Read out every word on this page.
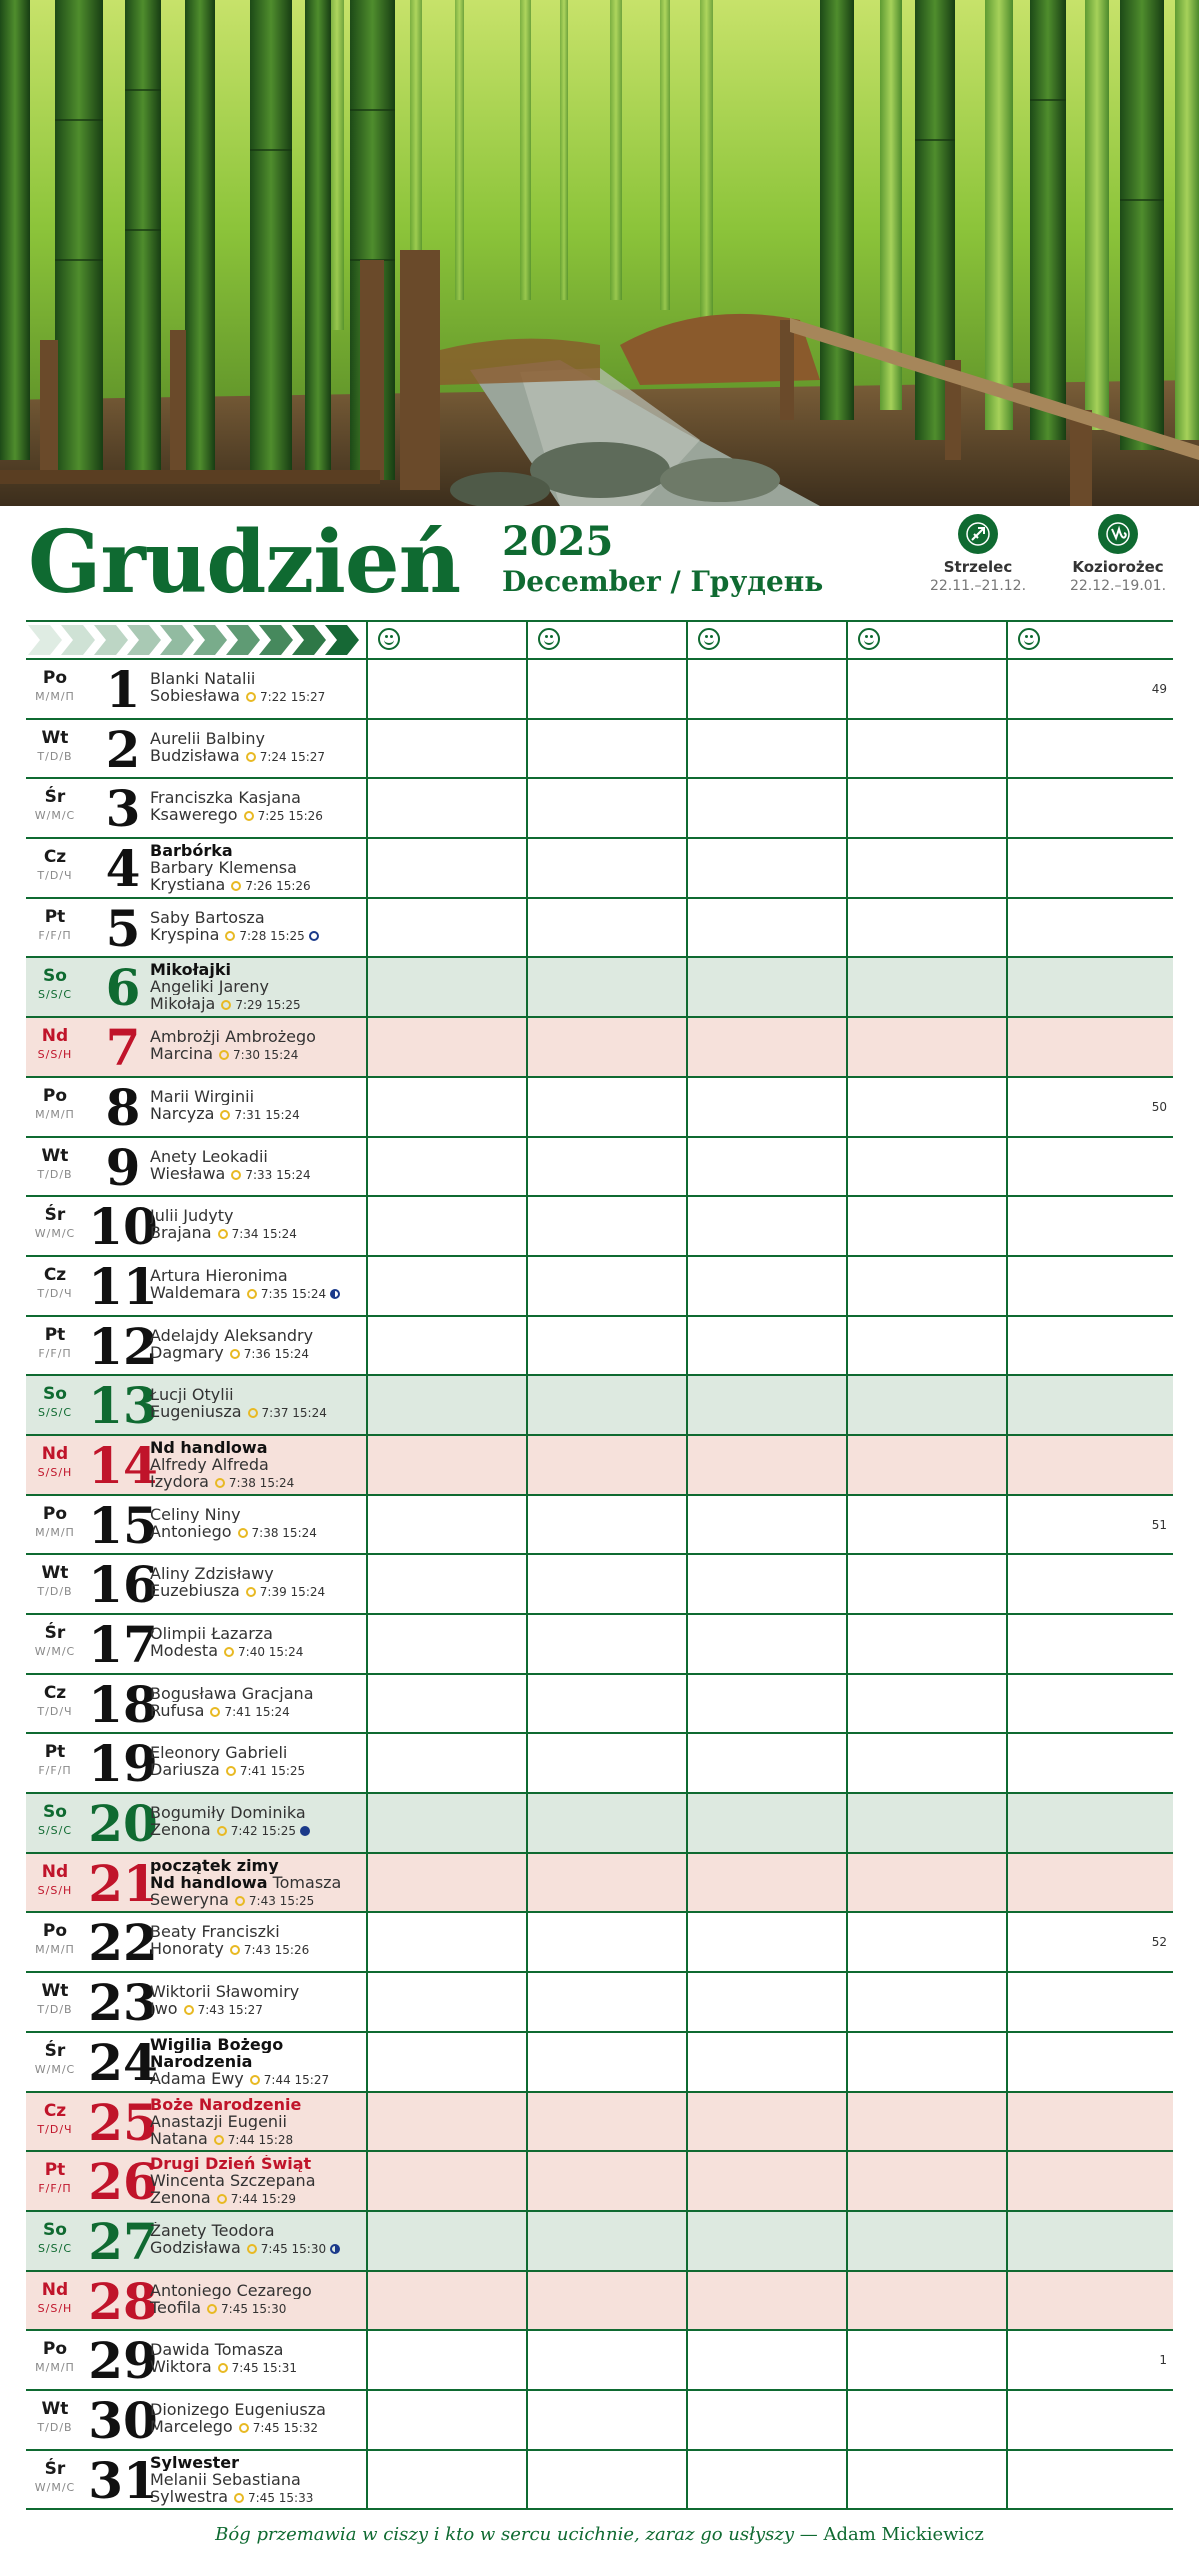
Grudzień 2025
December / Грудень	Strzelec
22.11.–21.12.
Koziorożec
22.12.–19.01.
Po
M/M/П 1 Blanki Natalii
Sobiesława 7:22 15:27
49
Wt
T/D/В 2 Aurelii Balbiny
Budzisława 7:24 15:27
Śr
W/M/С 3 Franciszka Kasjana
Ksawerego 7:25 15:26
Cz
T/D/Ч 4 Barbórka
Barbary Klemensa
Krystiana 7:26 15:26
Pt
F/F/П 5 Saby Bartosza
Kryspina 7:28 15:25
So
S/S/С 6 Mikołajki
Angeliki Jareny
Mikołaja 7:29 15:25
Nd
S/S/Н 7 Ambrożji Ambrożego
Marcina 7:30 15:24
Po
M/M/П 8 Marii Wirginii
Narcyza 7:31 15:24
50
Wt
T/D/В 9 Anety Leokadii
Wiesława 7:33 15:24
Śr
W/M/С 10
Julii Judyty
Brajana 7:34 15:24
Cz
T/D/Ч 11
Artura Hieronima
Waldemara 7:35 15:24
Pt
F/F/П 12
Adelajdy Aleksandry
Dagmary 7:36 15:24
So
S/S/С 13
Łucji Otylii
Eugeniusza 7:37 15:24
Nd
S/S/Н 14
Nd handlowa
Alfredy Alfreda
Izydora 7:38 15:24
Po
M/M/П 15
Celiny Niny
Antoniego 7:38 15:24
51
Wt
T/D/В 16
Aliny Zdzisławy
Euzebiusza 7:39 15:24
Śr
W/M/С 17
Olimpii Łazarza
Modesta 7:40 15:24
Cz
T/D/Ч 18
Bogusława Gracjana
Rufusa 7:41 15:24
Pt
F/F/П 19
Eleonory Gabrieli
Dariusza 7:41 15:25
So
S/S/С 20
Bogumiły Dominika
Zenona 7:42 15:25
Nd
S/S/Н 21
początek zimy
Nd handlowa Tomasza
Seweryna 7:43 15:25
Po
M/M/П 22
Beaty Franciszki
Honoraty 7:43 15:26
52
Wt
T/D/В 23
Wiktorii Sławomiry
Iwo 7:43 15:27
Śr
W/M/С 24
Wigilia Bożego
Narodzenia
Adama Ewy 7:44 15:27
Cz
T/D/Ч 25
Boże Narodzenie
Anastazji Eugenii
Natana 7:44 15:28
Pt
F/F/П 26
Drugi Dzień Świąt
Wincenta Szczepana
Zenona 7:44 15:29
So
S/S/С 27
Żanety Teodora
Godzisława 7:45 15:30
Nd
S/S/Н 28
Antoniego Cezarego
Teofila 7:45 15:30
Po
M/M/П 29
Dawida Tomasza
Wiktora 7:45 15:31
1
Wt
T/D/В 30
Dionizego Eugeniusza
Marcelego 7:45 15:32
Śr
W/M/С 31
Sylwester
Melanii Sebastiana
Sylwestra 7:45 15:33
Bóg przemawia w ciszy i kto w sercu ucichnie, zaraz go usłyszy — Adam Mickiewicz
